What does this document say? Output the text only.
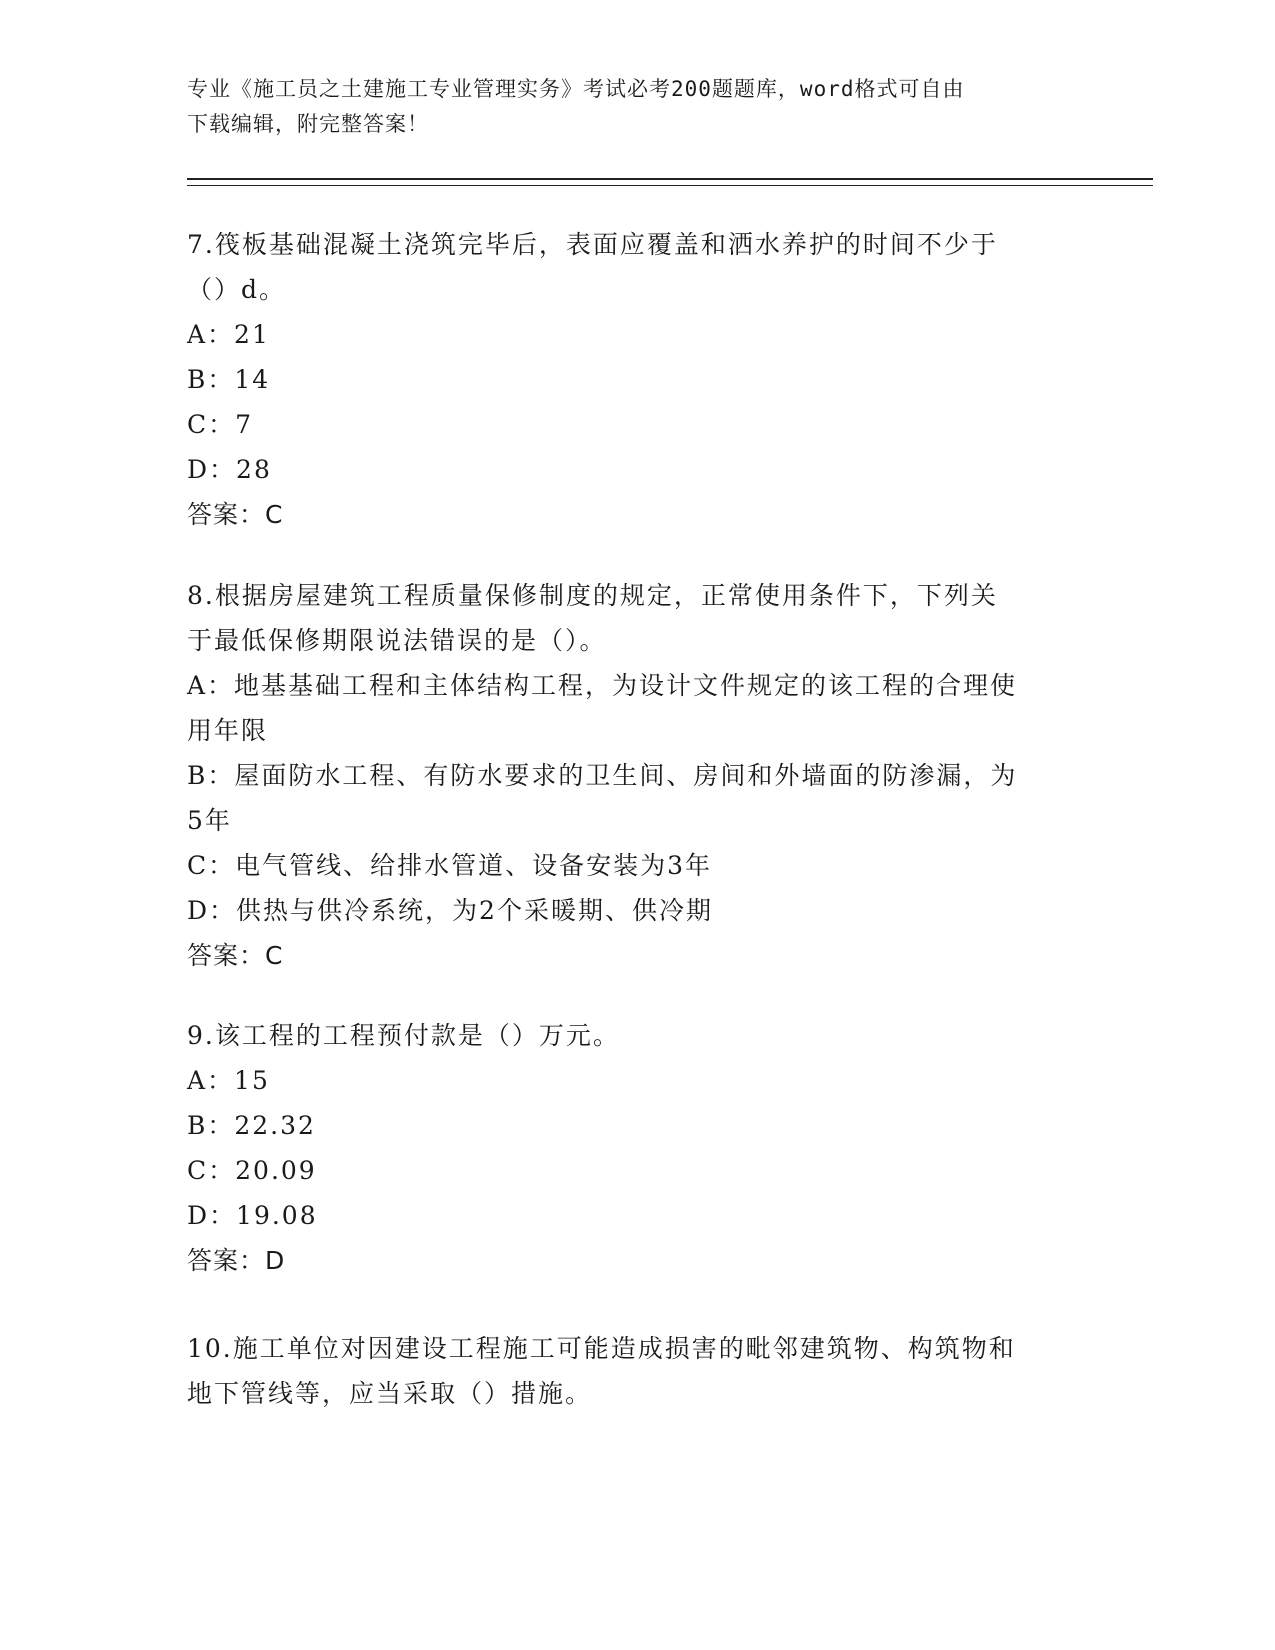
专业《施工员之土建施工专业管理实务》考试必考200题题库，word格式可自由
下载编辑，附完整答案！
7.筏板基础混凝土浇筑完毕后，表面应覆盖和洒水养护的时间不少于
（）d。
A：21
B：14
C：7
D：28
答案：C
8.根据房屋建筑工程质量保修制度的规定，正常使用条件下，下列关
于最低保修期限说法错误的是（）。
A：地基基础工程和主体结构工程，为设计文件规定的该工程的合理使
用年限
B：屋面防水工程、有防水要求的卫生间、房间和外墙面的防渗漏，为
5年
C：电气管线、给排水管道、设备安装为3年
D：供热与供冷系统，为2个采暖期、供冷期
答案：C
9.该工程的工程预付款是（）万元。
A：15
B：22.32
C：20.09
D：19.08
答案：D
10.施工单位对因建设工程施工可能造成损害的毗邻建筑物、构筑物和
地下管线等，应当采取（）措施。
